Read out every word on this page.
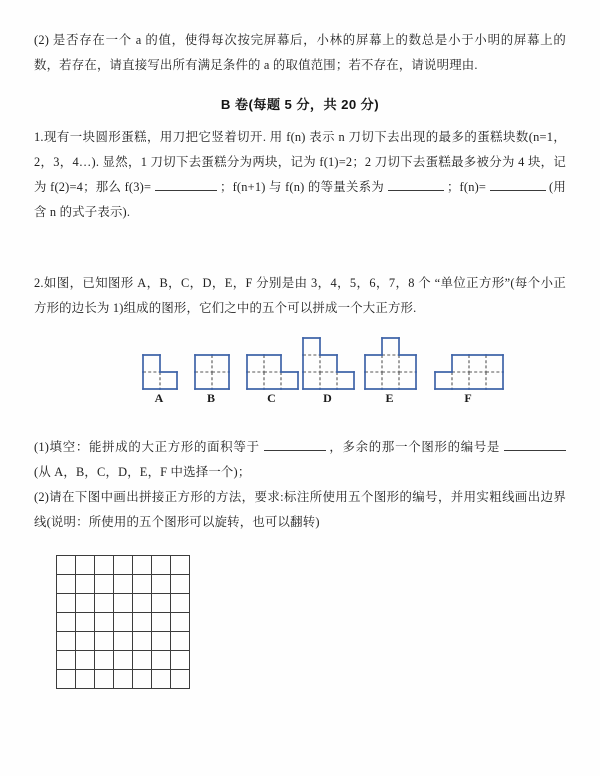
(2) 是否存在一个 a 的值，使得每次按完屏幕后，小林的屏幕上的数总是小于小明的屏幕上的数，若存在，请直接写出所有满足条件的 a 的取值范围；若不存在，请说明理由.

B 卷(每题 5 分，共 20 分)

1.现有一块圆形蛋糕，用刀把它竖着切开. 用 f(n) 表示 n 刀切下去出现的最多的蛋糕块数(n=1，2，3，4…). 显然，1 刀切下去蛋糕分为两块，记为 f(1)=2；2 刀切下去蛋糕最多被分为 4 块，记为 f(2)=4；那么 f(3)=	；f(n+1) 与 f(n) 的等量关系为	；f(n)=	(用含 n 的式子表示).

2.如图，已知图形 A，B，C，D，E，F 分别是由 3，4，5，6，7，8 个 “单位正方形”(每个小正方形的边长为 1)组成的图形，它们之中的五个可以拼成一个大正方形.

A	B	C	D	E	F

(1)填空：能拼成的大正方形的面积等于	，多余的那一个图形的编号是  (从 A，B，C，D，E，F 中选择一个)；

(2)请在下图中画出拼接正方形的方法，要求:标注所使用五个图形的编号，并用实粗线画出边界线(说明：所使用的五个图形可以旋转，也可以翻转)
